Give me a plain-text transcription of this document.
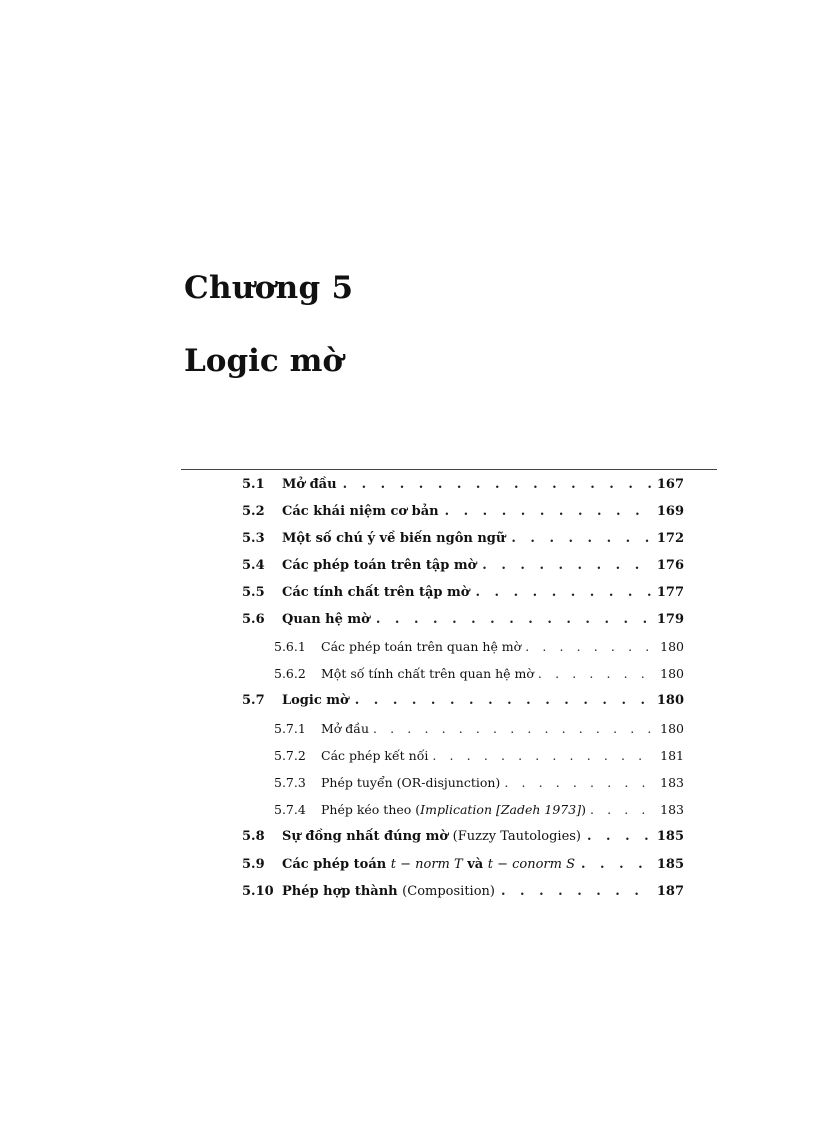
Chương 5
Logic mờ
5.1	Mở đầu . . .	167
5.2	Các khái niệm cơ bản . . .	169
5.3	Một số chú ý về biến ngôn ngữ . . .	172
5.4	Các phép toán trên tập mờ . . .	176
5.5	Các tính chất trên tập mờ . . .	177
5.6	Quan hệ mờ . . .	179
5.6.1	Các phép toán trên quan hệ mờ . . .	180
5.6.2	Một số tính chất trên quan hệ mờ . . .	180
5.7	Logic mờ . . .	180
5.7.1	Mở đầu . . .	180
5.7.2	Các phép kết nối . . .	181
5.7.3	Phép tuyển (OR-disjunction) . . .	183
5.7.4	Phép kéo theo (Implication [Zadeh 1973]) . . .	183
5.8	Sự đồng nhất đúng mờ (Fuzzy Tautologies) . . .	185
5.9	Các phép toán t − norm T và t − conorm S . . .	185
5.10 Phép hợp thành (Composition) . . .	187
